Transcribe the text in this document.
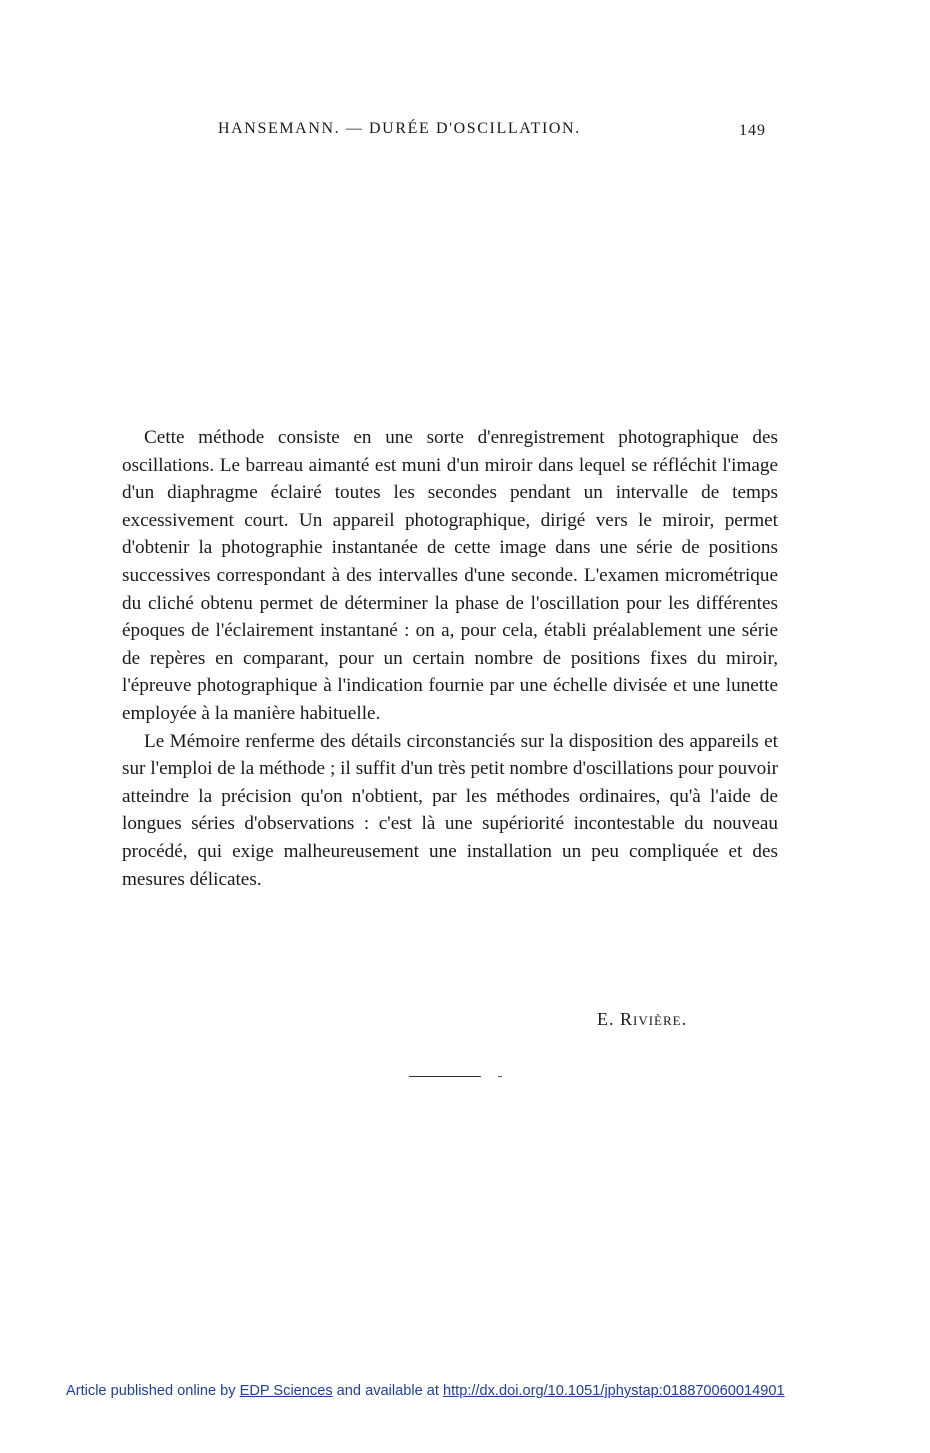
HANSEMANN. — DURÉE D'OSCILLATION.	149

Cette méthode consiste en une sorte d'enregistrement photographique des oscillations. Le barreau aimanté est muni d'un miroir dans lequel se réfléchit l'image d'un diaphragme éclairé toutes les secondes pendant un intervalle de temps excessivement court. Un appareil photographique, dirigé vers le miroir, permet d'obtenir la photographie instantanée de cette image dans une série de positions successives correspondant à des intervalles d'une seconde. L'examen micrométrique du cliché obtenu permet de déterminer la phase de l'oscillation pour les différentes époques de l'éclairement instantané : on a, pour cela, établi préalablement une série de repères en comparant, pour un certain nombre de positions fixes du miroir, l'épreuve photographique à l'indication fournie par une échelle divisée et une lunette employée à la manière habituelle.

Le Mémoire renferme des détails circonstanciés sur la disposition des appareils et sur l'emploi de la méthode ; il suffit d'un très petit nombre d'oscillations pour pouvoir atteindre la précision qu'on n'obtient, par les méthodes ordinaires, qu'à l'aide de longues séries d'observations : c'est là une supériorité incontestable du nouveau procédé, qui exige malheureusement une installation un peu compliquée et des mesures délicates.

E. Rivière.
Article published online by EDP Sciences and available at http://dx.doi.org/10.1051/jphystap:018870060014901
